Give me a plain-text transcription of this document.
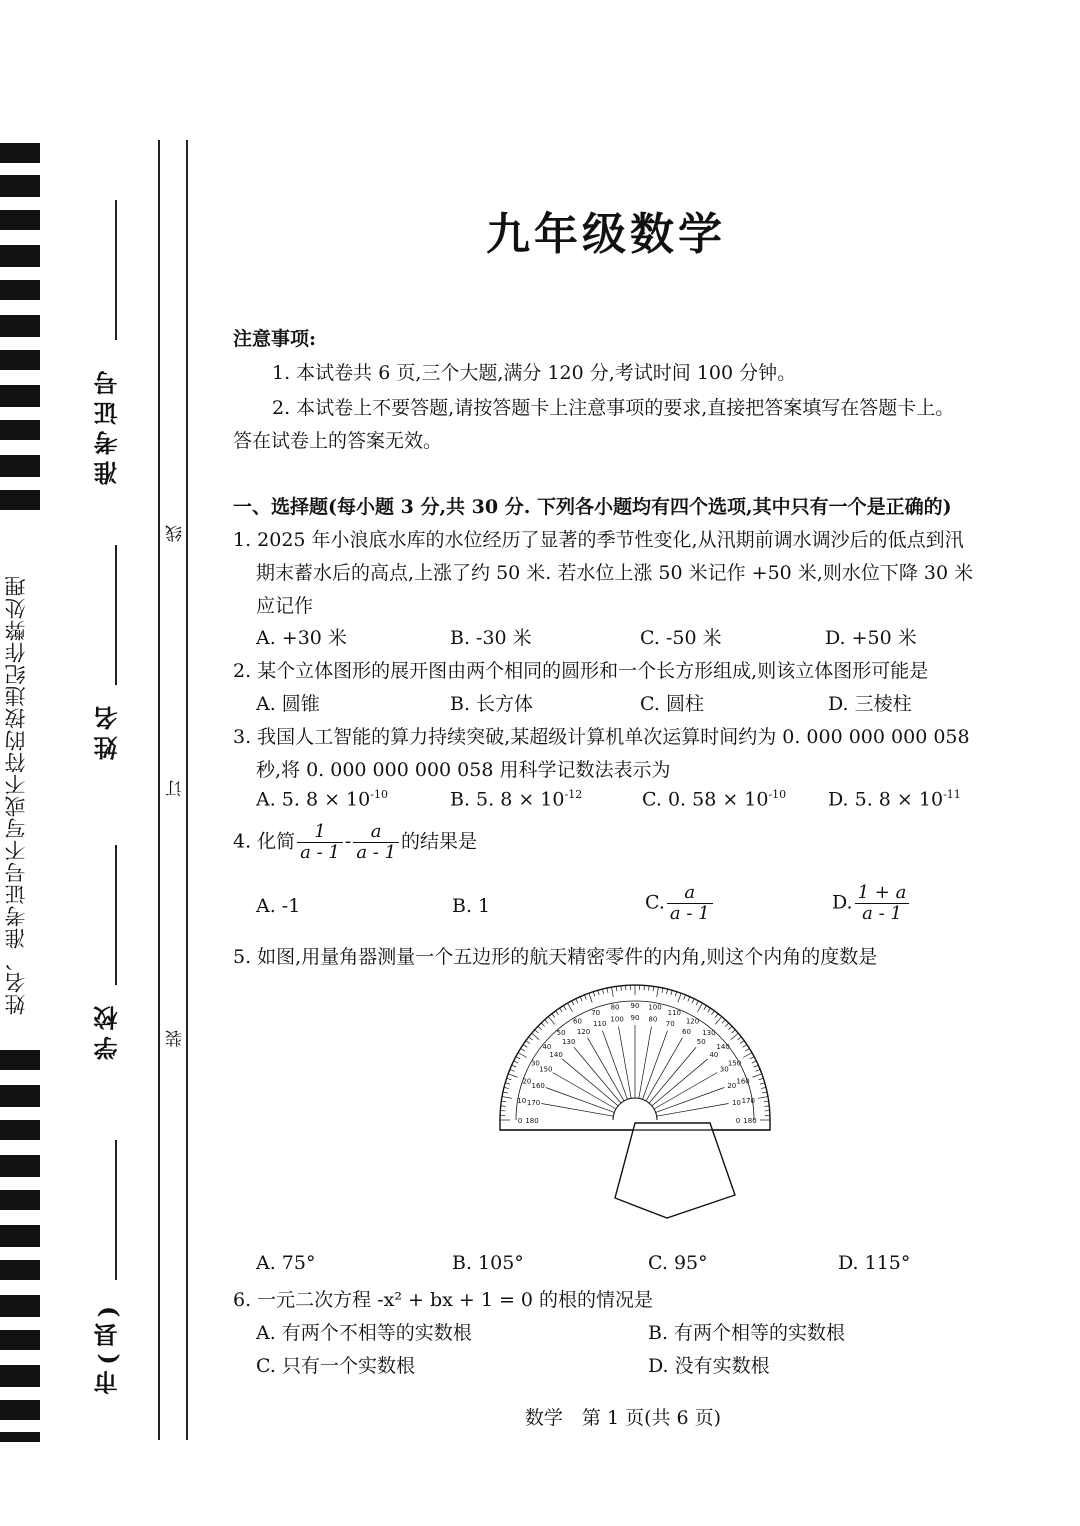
姓名、准考证号不写或不符的按违纪作弊处理
准考证号
姓名
学校
市(县)
线
订
装
九年级数学
注意事项:
1. 本试卷共 6 页,三个大题,满分 120 分,考试时间 100 分钟。
2. 本试卷上不要答题,请按答题卡上注意事项的要求,直接把答案填写在答题卡上。
答在试卷上的答案无效。
一、选择题(每小题 3 分,共 30 分. 下列各小题均有四个选项,其中只有一个是正确的)
1. 2025 年小浪底水库的水位经历了显著的季节性变化,从汛期前调水调沙后的低点到汛
期末蓄水后的高点,上涨了约 50 米. 若水位上涨 50 米记作 +50 米,则水位下降 30 米
应记作
A. +30 米	B. -30 米	C. -50 米	D. +50 米
2. 某个立体图形的展开图由两个相同的圆形和一个长方形组成,则该立体图形可能是
A. 圆锥	B. 长方体	C. 圆柱	D. 三棱柱
3. 我国人工智能的算力持续突破,某超级计算机单次运算时间约为 0. 000 000 000 058
秒,将 0. 000 000 000 058 用科学记数法表示为
A. 5. $8 \times 10^{-10}$	B. 5. $8 \times 10^{-12}$	C. 0. $58 \times 10^{-10}$ D. 5. $8 \times 10^{-11}$
4. 化简 $\frac{1}{a - 1} - \frac{a}{a - 1}$ 的结果是
A. -1	B. 1	C. $\frac{a}{a - 1}$	D. $\frac{1 + a}{a - 1}$
5. 如图,用量角器测量一个五边形的航天精密零件的内角,则这个内角的度数是
0
10
20
30
40
50
60
70
80 90 100
110
120
130
140
150
160
170
180
180
170
160
150
140
130
120
110
100 90 80
70
60
50
40
30
20
10
0
A. 75°	B. 105°	C. 95°	D. 115°
6. 一元二次方程 -x² + bx + 1 = 0 的根的情况是
A. 有两个不相等的实数根	B. 有两个相等的实数根
C. 只有一个实数根	D. 没有实数根
数学　第 1 页(共 6 页)
